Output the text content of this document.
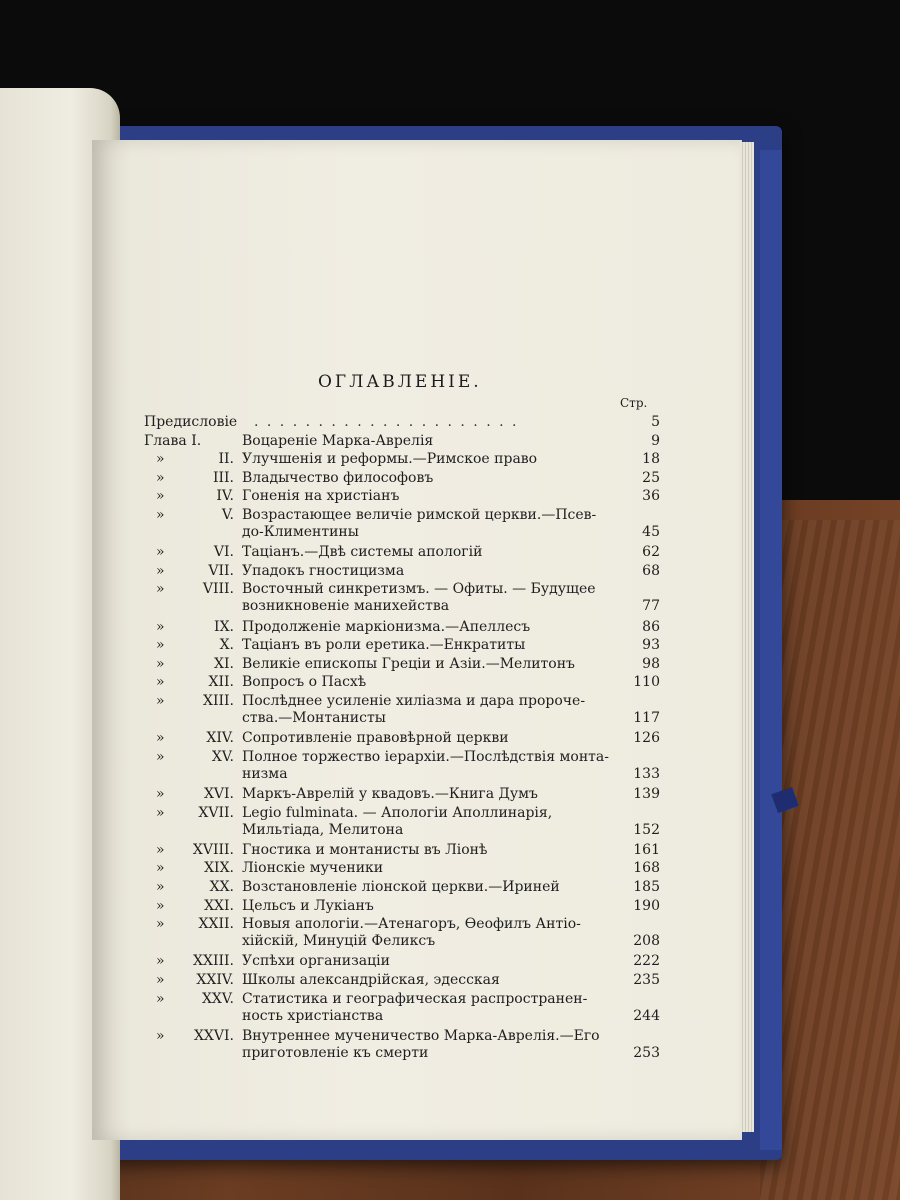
ОГЛАВЛЕНIЕ.
Стр.
Предисловiе . . . . . . . . . . . . . . . . . . . . .	5
Глава I.	Воцаренiе Марка-Аврелiя	9
»	II. Улучшенiя и реформы.—Римское право	18
»	III. Владычество философовъ	25
»	IV. Гоненiя на христiанъ	36
»	V. Возрастающее величiе римской церкви.—Псев-
до-Климентины	45
»	VI. Тацiанъ.—Двѣ системы апологiй	62
»	VII. Упадокъ гностицизма	68
»	VIII. Восточный синкретизмъ. — Офиты. — Будущее
возникновенiе манихейства	77
»	IX. Продолженiе маркiонизма.—Апеллесъ	86
»	X. Тацiанъ въ роли еретика.—Енкратиты	93
»	XI. Великiе епископы Грецiи и Азiи.—Мелитонъ	98
»	XII. Вопросъ о Пасхѣ	110
»	XIII. Послѣднее усиленiе хилiазма и дара пророче-
ства.—Монтанисты	117
»	XIV. Сопротивленiе правовѣрной церкви	126
»	XV. Полное торжество iерархiи.—Послѣдствiя монта-
низма	133
»	XVI. Маркъ-Аврелiй у квадовъ.—Книга Думъ	139
»	XVII. Legio fulminata. — Апологiи Аполлинарiя,
Мильтiада, Мелитона	152
»	XVIII. Гностика и монтанисты въ Лiонѣ	161
»	XIX. Лiонскiе мученики	168
»	XX. Возстановленiе лiонской церкви.—Ириней	185
»	XXI. Цельсъ и Лукiанъ	190
»	XXII. Новыя апологiи.—Атенагоръ, Ѳеофилъ Антiо-
хiйскiй, Минуцiй Феликсъ	208
»	XXIII. Успѣхи организацiи	222
»	XXIV. Школы александрiйская, эдесская	235
»	XXV. Статистика и географическая распространен-
ность христiанства	244
»	XXVI. Внутреннее мученичество Марка-Аврелiя.—Его
приготовленiе къ смерти	253
